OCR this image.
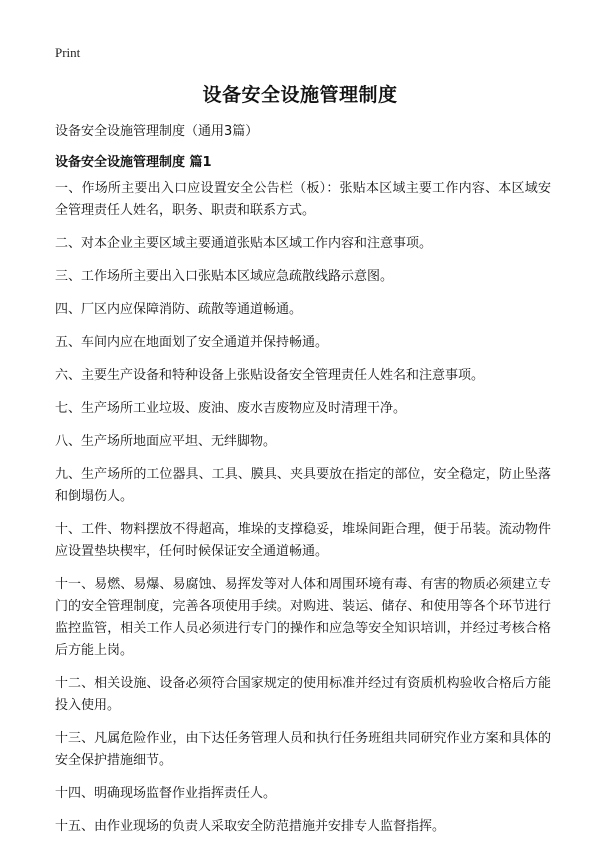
Print
设备安全设施管理制度
设备安全设施管理制度（通用3篇）
设备安全设施管理制度 篇1
一、作场所主要出入口应设置安全公告栏（板）：张贴本区域主要工作内容、本区域安全管理责任人姓名，职务、职责和联系方式。
二、对本企业主要区域主要通道张贴本区域工作内容和注意事项。
三、工作场所主要出入口张贴本区域应急疏散线路示意图。
四、厂区内应保障消防、疏散等通道畅通。
五、车间内应在地面划了安全通道并保持畅通。
六、主要生产设备和特种设备上张贴设备安全管理责任人姓名和注意事项。
七、生产场所工业垃圾、废油、废水吉废物应及时清理干净。
八、生产场所地面应平坦、无绊脚物。
九、生产场所的工位器具、工具、膜具、夹具要放在指定的部位，安全稳定，防止坠落和倒塌伤人。
十、工件、物料摆放不得超高，堆垛的支撑稳妥，堆垛间距合理，便于吊装。流动物件应设置垫块楔牢，任何时候保证安全通道畅通。
十一、易燃、易爆、易腐蚀、易挥发等对人体和周围环境有毒、有害的物质必须建立专门的安全管理制度，完善各项使用手续。对购进、装运、储存、和使用等各个环节进行监控监管，相关工作人员必须进行专门的操作和应急等安全知识培训，并经过考核合格后方能上岗。
十二、相关设施、设备必须符合国家规定的使用标准并经过有资质机构验收合格后方能投入使用。
十三、凡属危险作业，由下达任务管理人员和执行任务班组共同研究作业方案和具体的安全保护措施细节。
十四、明确现场监督作业指挥责任人。
十五、由作业现场的负责人采取安全防范措施并安排专人监督指挥。
